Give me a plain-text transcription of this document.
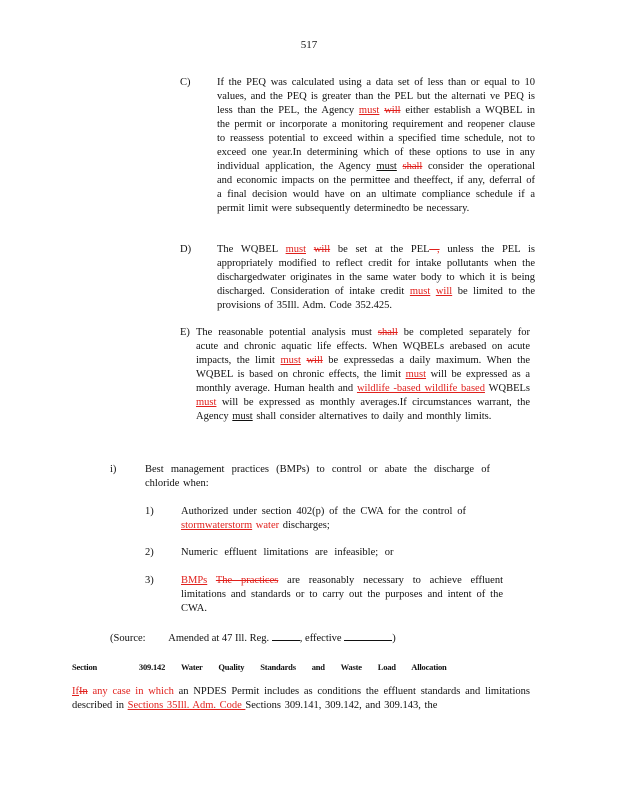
517
C)	If the PEQ was calculated using a data set of less than or equal to 10 values, and the PEQ is greater than the PEL but the alternati ve PEQ is less than the PEL, the Agency must will either establish a WQBEL in the permit or incorporate a monitoring requirement and reopener clause to reassess potential to exceed within a specified time schedule, not to exceed one year.In determining which of these options to use in any individual application, the Agency must shall consider the operational and economic impacts on the permittee and theeffect, if any, deferral of a final decision would have on an ultimate compliance schedule if a permit limit were subsequently determinedto be necessary.
D) The WQBEL must will be set at the PEL , unless the PEL is appropriately modified to reflect credit for intake pollutants when the dischargedwater originates in the same water body to which it is being discharged. Consideration of intake credit must will be limited to the provisions of 35Ill. Adm. Code 352.425.
E) The reasonable potential analysis must shall be completed separately for acute and chronic aquatic life effects. When WQBELs arebased on acute impacts, the limit must will be expressedas a daily maximum. When the WQBEL is based on chronic effects, the limit must will be expressed as a monthly average. Human health and wildlife -based wildlife based WQBELs must will be expressed as monthly averages.If circumstances warrant, the Agency must shall consider alternatives to daily and monthly limits.
i)	Best management practices (BMPs) to control or abate the discharge of chloride when:
1)	Authorized under section 402(p) of the CWA for the control of stormwaterstorm water discharges;
2)	Numeric effluent limitations are infeasible; or
3)	BMPs The practices are reasonably necessary to achieve effluent limitations and standards or to carry out the purposes and intent of the CWA.
(Source: Amended at 47 Ill. Reg.	, effective	)
Section	309.142 Water Quality Standards and Waste Load Allocation
IfIn any case in which an NPDES Permit includes as conditions the effluent standards and limitations described in Sections 35Ill. Adm. Code Sections 309.141, 309.142, and 309.143, the
